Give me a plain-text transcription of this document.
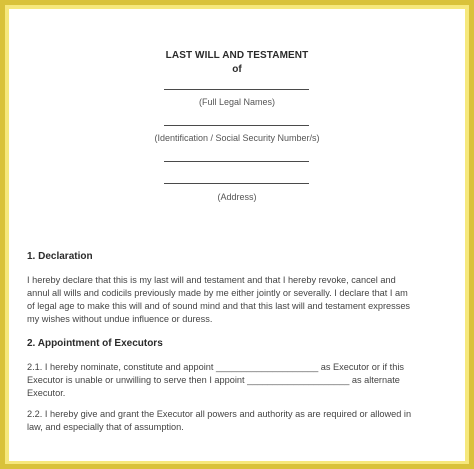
LAST WILL AND TESTAMENT
of
(Full Legal Names)
(Identification / Social Security Number/s)
(Address)
1. Declaration
I hereby declare that this is my last will and testament and that I hereby revoke, cancel and
annul all wills and codicils previously made by me either jointly or severally. I declare that I am
of legal age to make this will and of sound mind and that this last will and testament expresses
my wishes without undue influence or duress.
2. Appointment of Executors
2.1. I hereby nominate, constitute and appoint ____________________ as Executor or if this
Executor is unable or unwilling to serve then I appoint ____________________ as alternate
Executor.
2.2. I hereby give and grant the Executor all powers and authority as are required or allowed in
law, and especially that of assumption.
